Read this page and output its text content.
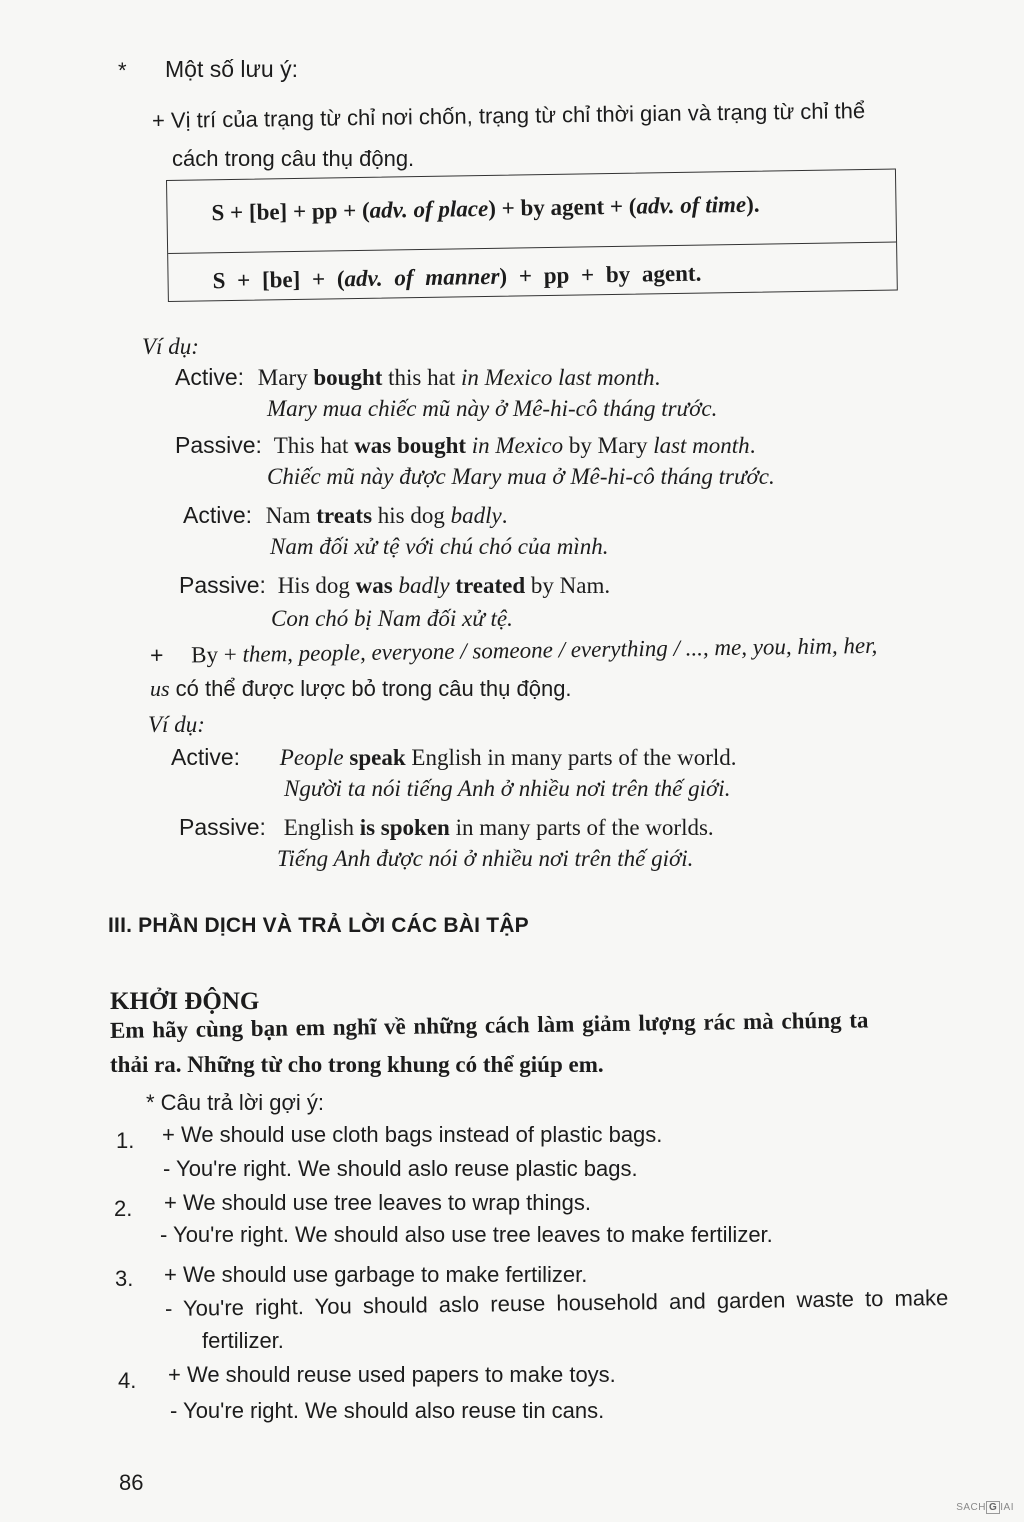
* Một số lưu ý:
+ Vị trí của trạng từ chỉ nơi chốn, trạng từ chỉ thời gian và trạng từ chỉ thể
cách trong câu thụ động.
S + [be] + pp + (adv. of place) + by agent + (adv. of time).
S + [be] + (adv. of manner) + pp + by agent.
Ví dụ:
Active: Mary bought this hat in Mexico last month.
Mary mua chiếc mũ này ở Mê-hi-cô tháng trước.
Passive: This hat was bought in Mexico by Mary last month.
Chiếc mũ này được Mary mua ở Mê-hi-cô tháng trước.
Active: Nam treats his dog badly.
Nam đối xử tệ với chú chó của mình.
Passive: His dog was badly treated by Nam.
Con chó bị Nam đối xử tệ.
+ By + them, people, everyone / someone / everything / ..., me, you, him, her,
us có thể được lược bỏ trong câu thụ động.
Ví dụ:
Active: People speak English in many parts of the world.
Người ta nói tiếng Anh ở nhiều nơi trên thế giới.
Passive: English is spoken in many parts of the worlds.
Tiếng Anh được nói ở nhiều nơi trên thế giới.
III. PHẦN DỊCH VÀ TRẢ LỜI CÁC BÀI TẬP
KHỞI ĐỘNG
Em hãy cùng bạn em nghĩ về những cách làm giảm lượng rác mà chúng ta
thải ra. Những từ cho trong khung có thể giúp em.
* Câu trả lời gợi ý:
1. + We should use cloth bags instead of plastic bags.
- You're right. We should aslo reuse plastic bags.
2. + We should use tree leaves to wrap things.
- You're right. We should also use tree leaves to make fertilizer.
3. + We should use garbage to make fertilizer.
- You're right. You should aslo reuse household and garden waste to make
fertilizer.
4. + We should reuse used papers to make toys.
- You're right. We should also reuse tin cans.
86
SACH G IAI
